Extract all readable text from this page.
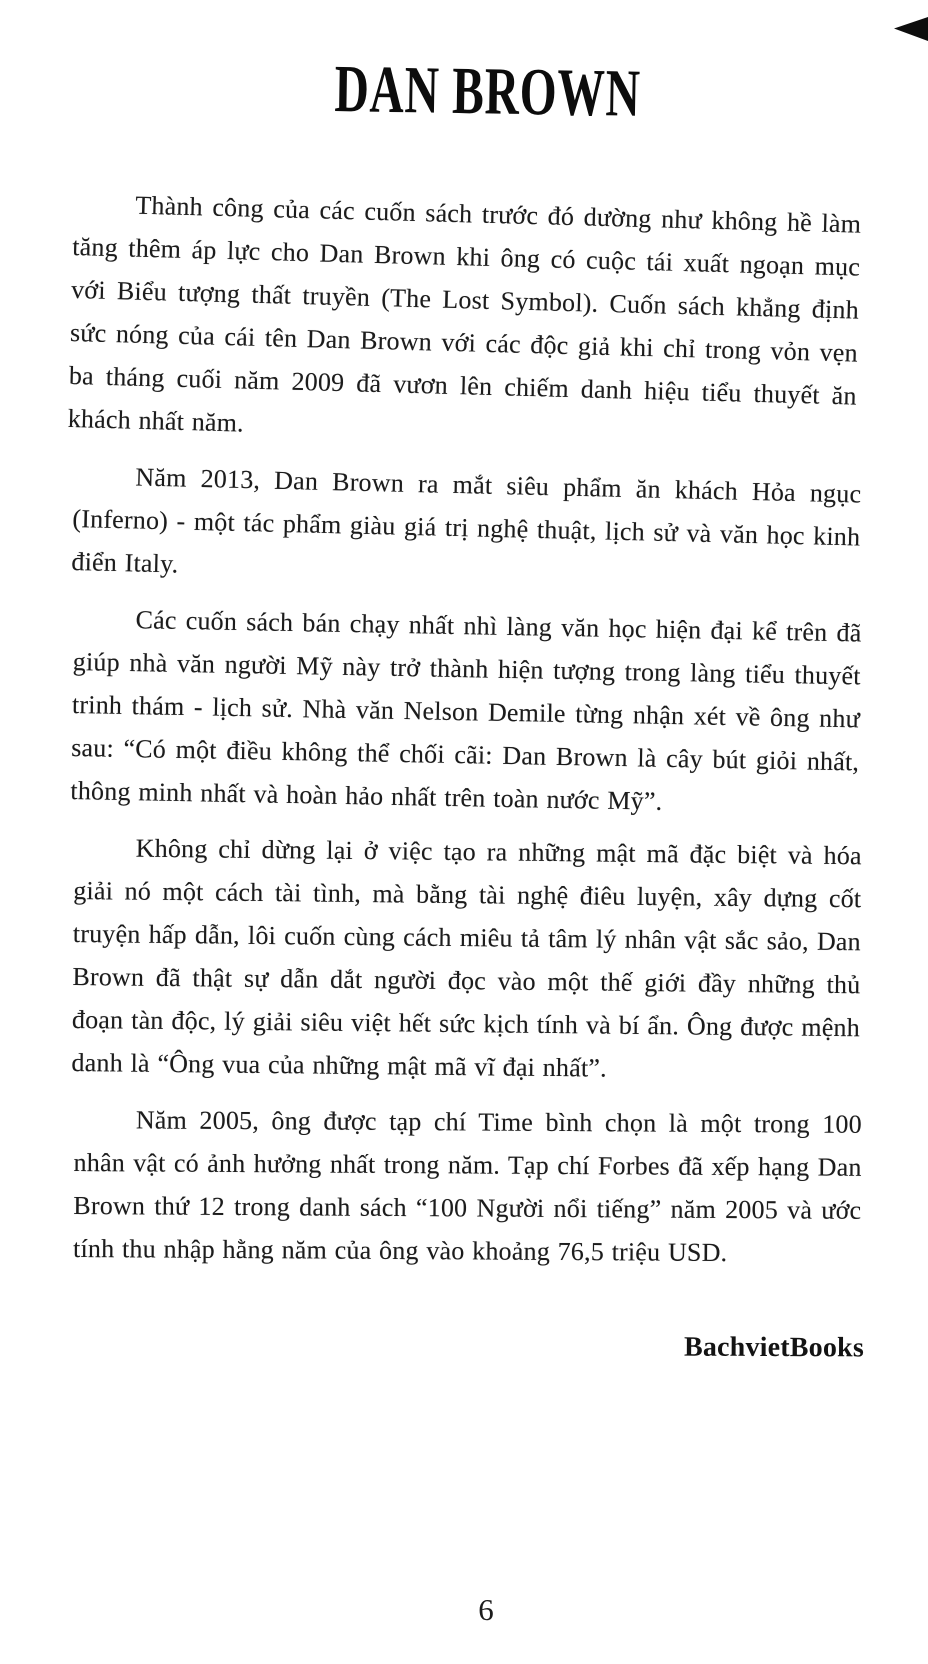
DAN BROWN

Thành công của các cuốn sách trước đó dường như không hề làm tăng thêm áp lực cho Dan Brown khi ông có cuộc tái xuất ngoạn mục với Biểu tượng thất truyền (The Lost Symbol). Cuốn sách khẳng định sức nóng của cái tên Dan Brown với các độc giả khi chỉ trong vỏn vẹn ba tháng cuối năm 2009 đã vươn lên chiếm danh hiệu tiểu thuyết ăn khách nhất năm.

Năm 2013, Dan Brown ra mắt siêu phẩm ăn khách Hỏa ngục (Inferno) - một tác phẩm giàu giá trị nghệ thuật, lịch sử và văn học kinh điển Italy.

Các cuốn sách bán chạy nhất nhì làng văn học hiện đại kể trên đã giúp nhà văn người Mỹ này trở thành hiện tượng trong làng tiểu thuyết trinh thám - lịch sử. Nhà văn Nelson Demile từng nhận xét về ông như sau: “Có một điều không thể chối cãi: Dan Brown là cây bút giỏi nhất, thông minh nhất và hoàn hảo nhất trên toàn nước Mỹ”.

Không chỉ dừng lại ở việc tạo ra những mật mã đặc biệt và hóa giải nó một cách tài tình, mà bằng tài nghệ điêu luyện, xây dựng cốt truyện hấp dẫn, lôi cuốn cùng cách miêu tả tâm lý nhân vật sắc sảo, Dan Brown đã thật sự dẫn dắt người đọc vào một thế giới đầy những thủ đoạn tàn độc, lý giải siêu việt hết sức kịch tính và bí ẩn. Ông được mệnh danh là “Ông vua của những mật mã vĩ đại nhất”.

Năm 2005, ông được tạp chí Time bình chọn là một trong 100 nhân vật có ảnh hưởng nhất trong năm. Tạp chí Forbes đã xếp hạng Dan Brown thứ 12 trong danh sách “100 Người nổi tiếng” năm 2005 và ước tính thu nhập hằng năm của ông vào khoảng 76,5 triệu USD.

BachvietBooks
6
